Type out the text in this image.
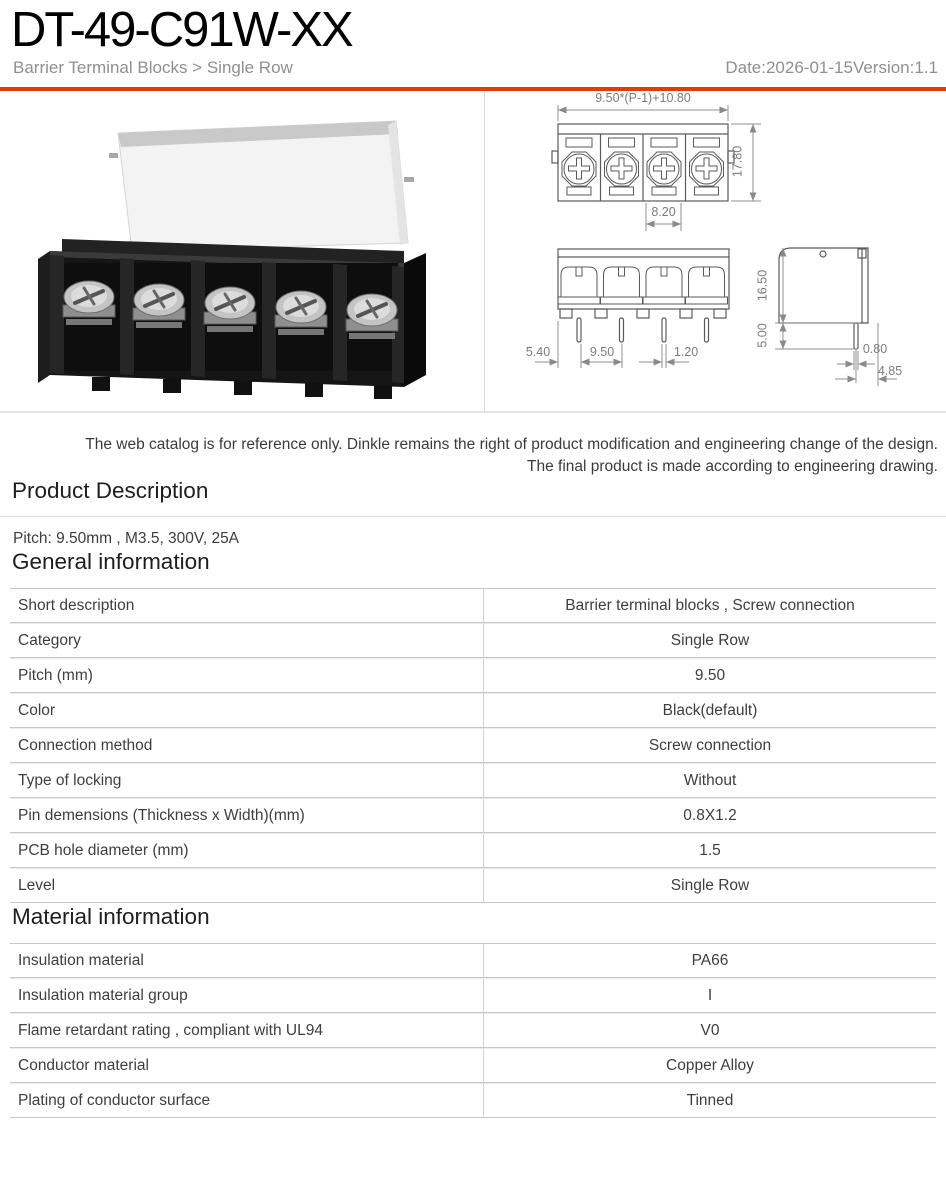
DT-49-C91W-XX
Barrier Terminal Blocks > Single Row	Date:2026-01-15Version:1.1
9.50*(P-1)+10.80
17.80
8.20
5.40	9.50	1.20
16.50
5.00
0.80
4.85
The web catalog is for reference only. Dinkle remains the right of product modification and engineering change of the design.
The final product is made according to engineering drawing.
Product Description
Pitch: 9.50mm , M3.5, 300V, 25A
General information
Short description	Barrier terminal blocks , Screw connection
Category	Single Row
Pitch (mm)	9.50
Color	Black(default)
Connection method	Screw connection
Type of locking	Without
Pin demensions (Thickness x Width)(mm)	0.8X1.2
PCB hole diameter (mm)	1.5
Level	Single Row
Material information
Insulation material	PA66
Insulation material group	I
Flame retardant rating , compliant with UL94	V0
Conductor material	Copper Alloy
Plating of conductor surface	Tinned
